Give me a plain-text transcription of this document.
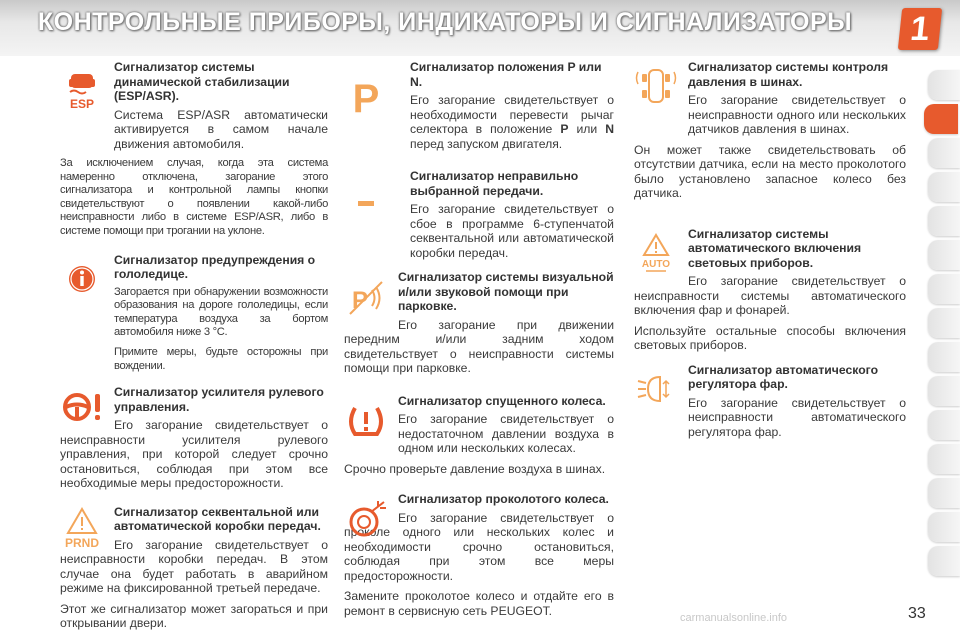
КОНТРОЛЬНЫЕ ПРИБОРЫ, ИНДИКАТОРЫ И СИГНАЛИЗАТОРЫ	1
ESP
Сигнализатор системы динамической стабилизации (ESP/ASR).
Система ESP/ASR автоматически активируется в самом начале движения автомобиля.
За исключением случая, когда эта система намеренно отключена, загорание этого сигнализатора и контрольной лампы кнопки свидетельствуют о появлении какой-либо неисправности либо в системе ESP/ASR, либо в системе помощи при трогании на уклоне.
Сигнализатор предупреждения о гололедице.
Загорается при обнаружении возможности образования на дороге гололедицы, если температура воздуха за бортом автомобиля ниже 3 °C.
Примите меры, будьте осторожны при вождении.
Сигнализатор усилителя рулевого управления.
Его загорание свидетельствует о неисправности усилителя рулевого управления, при которой следует срочно остановиться, соблюдая при этом все необходимые меры предосторожности.
PRND
Сигнализатор секвентальной или автоматической коробки передач.
Его загорание свидетельствует о неисправности коробки передач. В этом случае она будет работать в аварийном режиме на фиксированной третьей передаче.
Этот же сигнализатор может загораться и при открывании двери.
P
Сигнализатор положения P или N.
Его загорание свидетельствует о необходимости перевести рычаг селектора в положение P или N перед запуском двигателя.
Сигнализатор неправильно выбранной передачи.
Его загорание свидетельствует о сбое в программе 6-ступенчатой секвентальной или автоматической коробки передач.
P
Сигнализатор системы визуальной и/или звуковой помощи при парковке.
Его загорание при движении передним и/или задним ходом свидетельствует о неисправности системы помощи при парковке.
Сигнализатор спущенного колеса.
Его загорание свидетельствует о недостаточном давлении воздуха в одном или нескольких колесах.
Срочно проверьте давление воздуха в шинах.
Сигнализатор проколотого колеса.
Его загорание свидетельствует о проколе одного или нескольких колес и необходимости срочно остановиться, соблюдая при этом все меры предосторожности.
Замените проколотое колесо и отдайте его в ремонт в сервисную сеть PEUGEOT.
Сигнализатор системы контроля давления в шинах.
Его загорание свидетельствует о неисправности одного или нескольких датчиков давления в шинах.
Он может также свидетельствовать об отсутствии датчика, если на место проколотого было установлено запасное колесо без датчика.
AUTO
Сигнализатор системы автоматического включения световых приборов.
Его загорание свидетельствует о неисправности системы автоматического включения фар и фонарей.
Используйте остальные способы включения световых приборов.
Сигнализатор автоматического регулятора фар.
Его загорание свидетельствует о неисправности автоматического регулятора фар.
carmanualsonline.info	33
